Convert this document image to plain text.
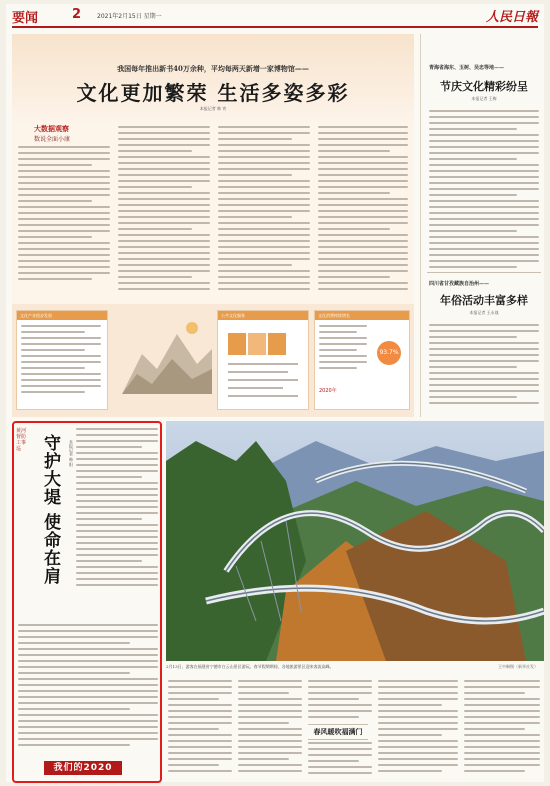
要闻	2	2021年2月15日 星期一	人民日報
我国每年推出新书40万余种，平均每两天新增一家博物馆——
文化更加繁荣 生活多姿多彩
本报记者 韩 宵
大数据观察
数说全面小康
文化产业稳步发展	公共文化服务	文化消费持续增长
93.7%
2020年
青海省海东、玉树、吴忠等地——
节庆文化精彩纷呈
本报记者 王梅
四川省甘孜藏族自治州——
年俗活动丰富多样
本报记者 王永战
黄河督防工事巡	守护大堤 使命在肩	本报记者 韩 阳
我们的2020
2月13日，游客在福建省宁德市白云山景区游玩。春节假期期间，各地旅游景区迎来客流高峰。	王中琳摄（新华社发）
春风暖吹福满门
